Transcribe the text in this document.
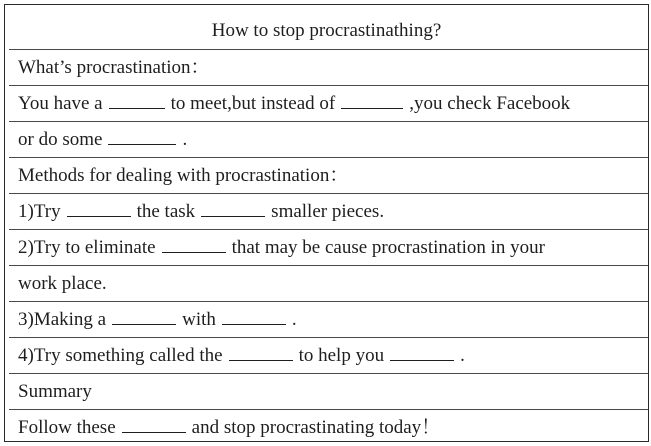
How to stop procrastinathing?
What’s procrastination：
You have a	to meet,but instead of	,you check Facebook
or do some	.
Methods for dealing with procrastination：
1)Try	the task	smaller pieces.
2)Try to eliminate	that may be cause procrastination in your
work place.
3)Making a	with	.
4)Try something called the	to help you	.
Summary
Follow these	and stop procrastinating today！
